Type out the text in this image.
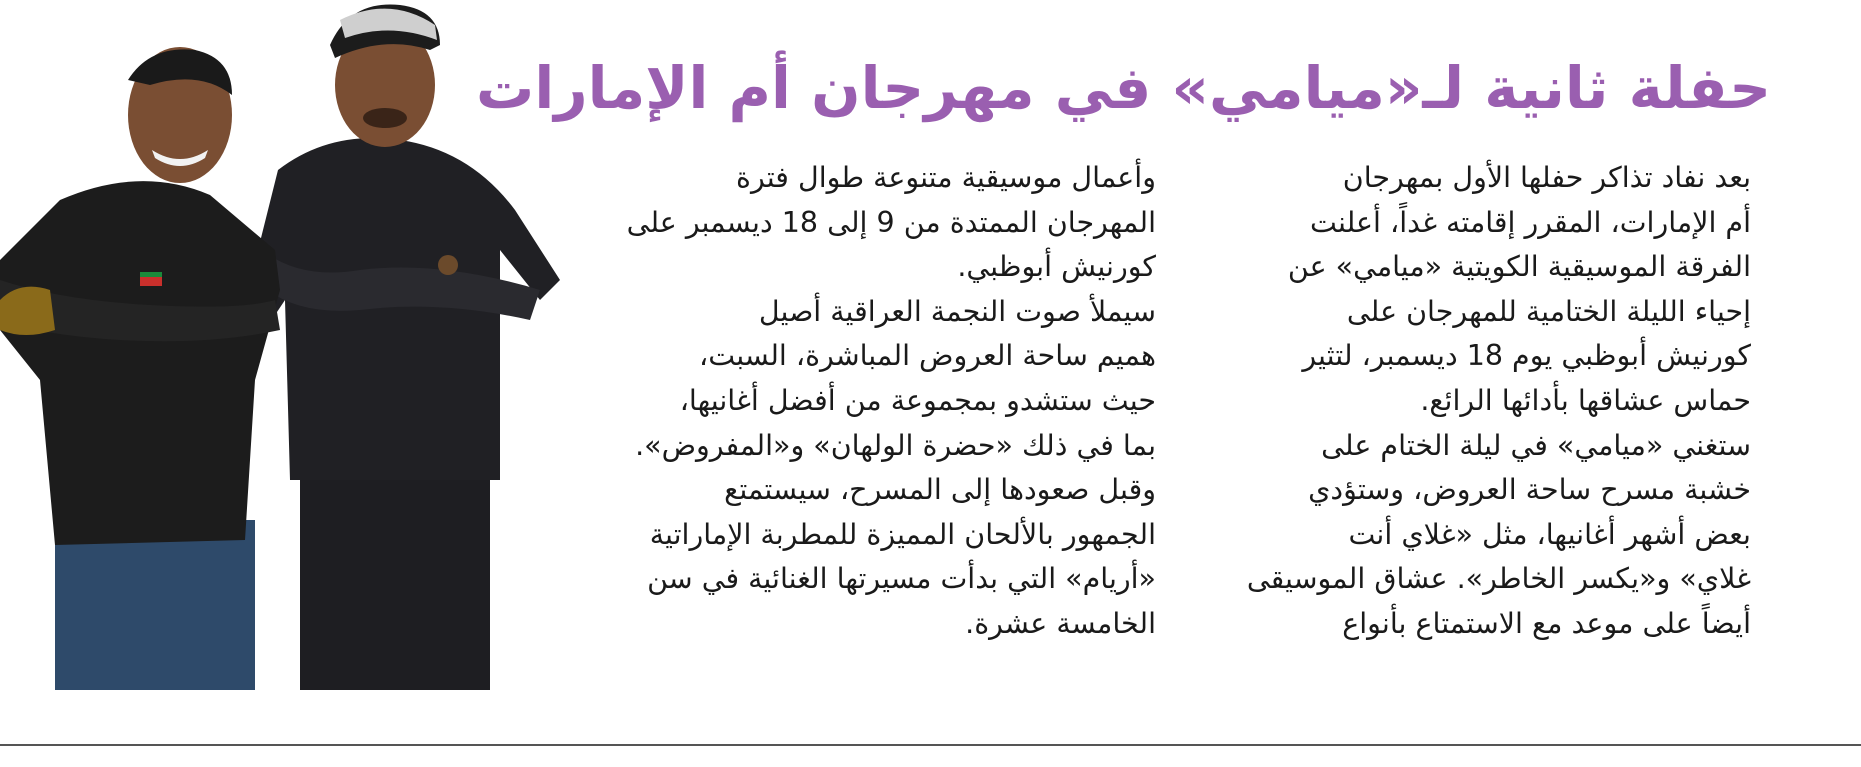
حفلة ثانية لـ«ميامي» في مهرجان أم الإمارات

بعد نفاد تذاكر حفلها الأول بمهرجان
أم الإمارات، المقرر إقامته غداً، أعلنت
الفرقة الموسيقية الكويتية «ميامي» عن
إحياء الليلة الختامية للمهرجان على
كورنيش أبوظبي يوم 18 ديسمبر، لتثير
حماس عشاقها بأدائها الرائع.

ستغني «ميامي» في ليلة الختام على
خشبة مسرح ساحة العروض، وستؤدي
بعض أشهر أغانيها، مثل «غلاي أنت
غلاي» و«يكسر الخاطر». عشاق الموسيقى
أيضاً على موعد مع الاستمتاع بأنواع

وأعمال موسيقية متنوعة طوال فترة
المهرجان الممتدة من 9 إلى 18 ديسمبر على
كورنيش أبوظبي.

سيملأ صوت النجمة العراقية أصيل
هميم ساحة العروض المباشرة، السبت،
حيث ستشدو بمجموعة من أفضل أغانيها،
بما في ذلك «حضرة الولهان» و«المفروض».
وقبل صعودها إلى المسرح، سيستمتع
الجمهور بالألحان المميزة للمطربة الإماراتية
«أريام» التي بدأت مسيرتها الغنائية في سن
الخامسة عشرة.
